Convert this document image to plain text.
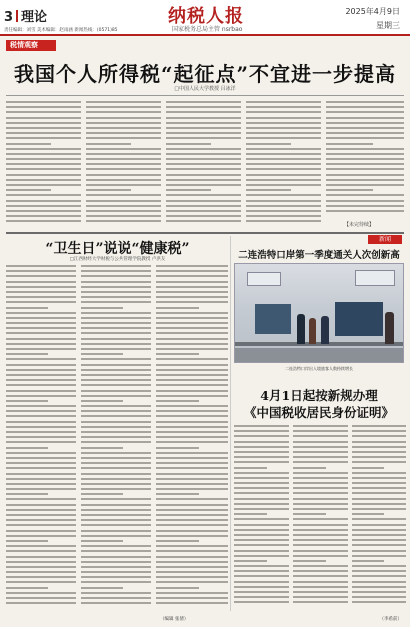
3 理论	纳税人报
国家税务总局主管 nsrbao
2025年4月9日
星期三
责任编辑：刘雪 美术编辑：赵雨涵 新闻热线：(0571)85
税情观察
我国个人所得税“起征点”不宜进一步提高
□中国人民大学教授 吕冰洋
【未完待续】
“卫生日”说说“健康税”
□江西财经大学财税与公共管理学院教授 卢洪友
新闻
二连浩特口岸第一季度通关人次创新高
二连浩特口岸出入境旅客人数持续增长
4月1日起按新规办理
《中国税收居民身份证明》
（编辑 张倩）	（李希前）
